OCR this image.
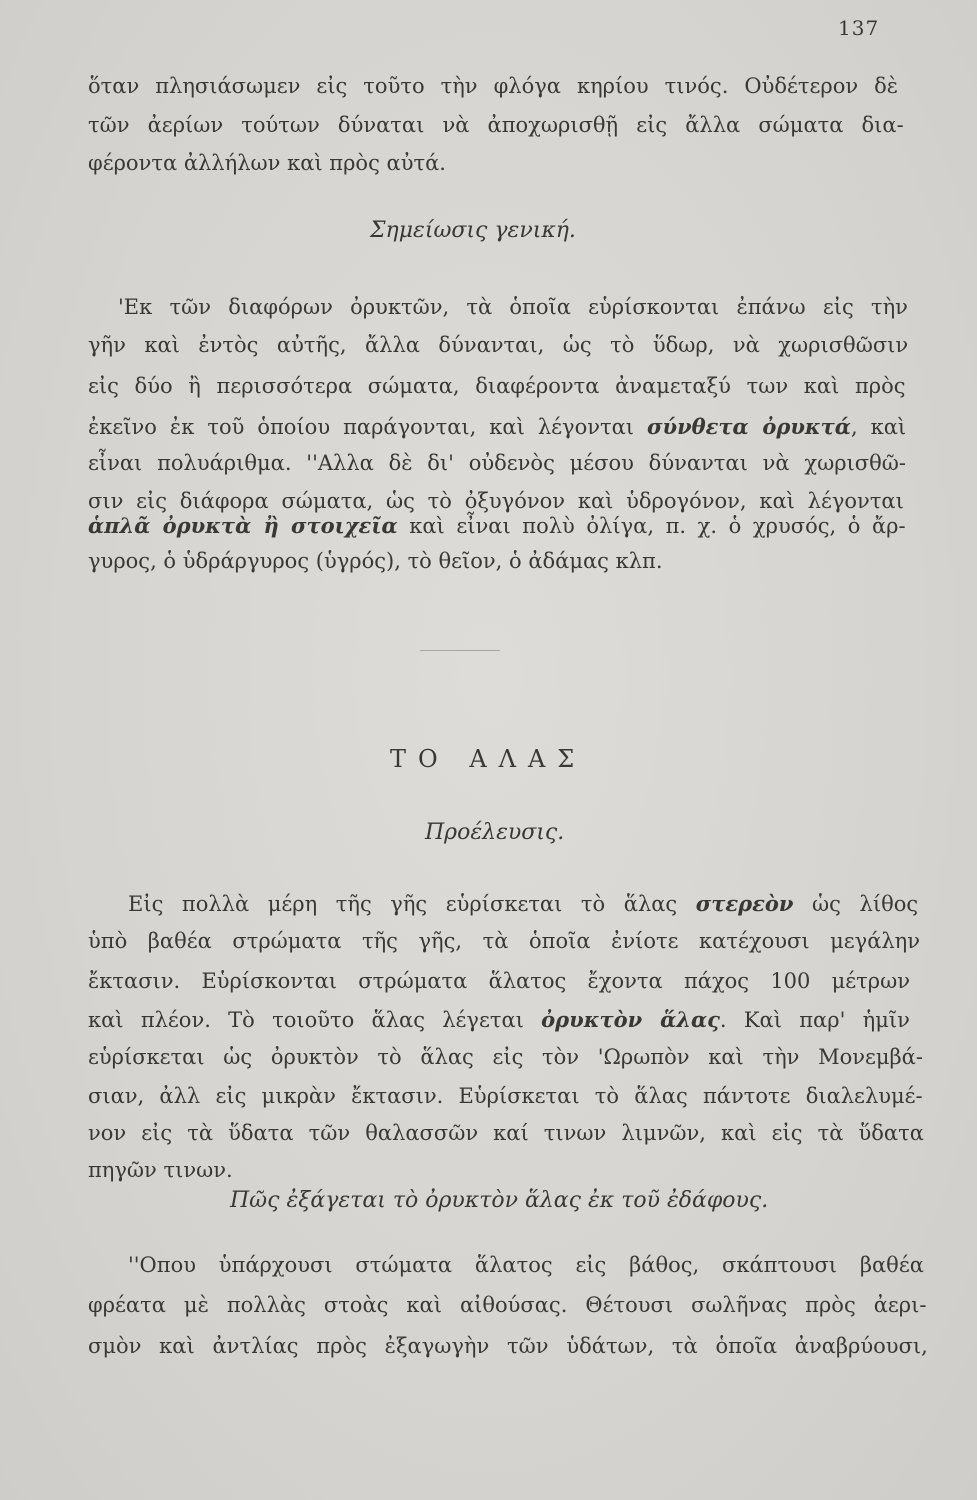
137
ὅταν πλησιάσωμεν εἰς τοῦτο τὴν φλόγα κηρίου τινός. Οὐδέτερον δὲ
τῶν ἀερίων τούτων δύναται νὰ ἀποχωρισθῇ εἰς ἄλλα σώματα δια-
φέροντα ἀλλήλων καὶ πρὸς αὐτά.
Σημείωσις γενική.
'Εκ τῶν διαφόρων ὀρυκτῶν, τὰ ὁποῖα εὑρίσκονται ἐπάνω εἰς τὴν
γῆν καὶ ἐντὸς αὐτῆς, ἄλλα δύνανται, ὡς τὸ ὕδωρ, νὰ χωρισθῶσιν
εἰς δύο ἢ περισσότερα σώματα, διαφέροντα ἀναμεταξύ των καὶ πρὸς
ἐκεῖνο ἐκ τοῦ ὁποίου παράγονται, καὶ λέγονται σύνθετα ὀρυκτά, καὶ
εἶναι πολυάριθμα. ''Αλλα δὲ δι' οὐδενὸς μέσου δύνανται νὰ χωρισθῶ-
σιν εἰς διάφορα σώματα, ὡς τὸ ὀξυγόνον καὶ ὑδρογόνον, καὶ λέγονται
ἁπλᾶ ὀρυκτὰ ἢ στοιχεῖα καὶ εἶναι πολὺ ὀλίγα, π. χ. ὁ χρυσός, ὁ ἄρ-
γυρος, ὁ ὑδράργυρος (ὑγρός), τὸ θεῖον, ὁ ἀδάμας κλπ.
ΤΟ ΑΛΑΣ
Προέλευσις.
Εἰς πολλὰ μέρη τῆς γῆς εὑρίσκεται τὸ ἅλας στερεὸν ὡς λίθος
ὑπὸ βαθέα στρώματα τῆς γῆς, τὰ ὁποῖα ἐνίοτε κατέχουσι μεγάλην
ἔκτασιν. Εὑρίσκονται στρώματα ἅλατος ἔχοντα πάχος 100 μέτρων
καὶ πλέον. Τὸ τοιοῦτο ἅλας λέγεται ὀρυκτὸν ἅλας. Καὶ παρ' ἡμῖν
εὑρίσκεται ὡς ὀρυκτὸν τὸ ἅλας εἰς τὸν 'Ωρωπὸν καὶ τὴν Μονεμβά-
σιαν, ἀλλ εἰς μικρὰν ἔκτασιν. Εὑρίσκεται τὸ ἅλας πάντοτε διαλελυμέ-
νον εἰς τὰ ὕδατα τῶν θαλασσῶν καί τινων λιμνῶν, καὶ εἰς τὰ ὕδατα
πηγῶν τινων.
Πῶς ἐξάγεται τὸ ὀρυκτὸν ἅλας ἐκ τοῦ ἐδάφους.
''Οπου ὑπάρχουσι στώματα ἅλατος εἰς βάθος, σκάπτουσι βαθέα
φρέατα μὲ πολλὰς στοὰς καὶ αἰθούσας. Θέτουσι σωλῆνας πρὸς ἀερι-
σμὸν καὶ ἀντλίας πρὸς ἐξαγωγὴν τῶν ὑδάτων, τὰ ὁποῖα ἀναβρύουσι,
